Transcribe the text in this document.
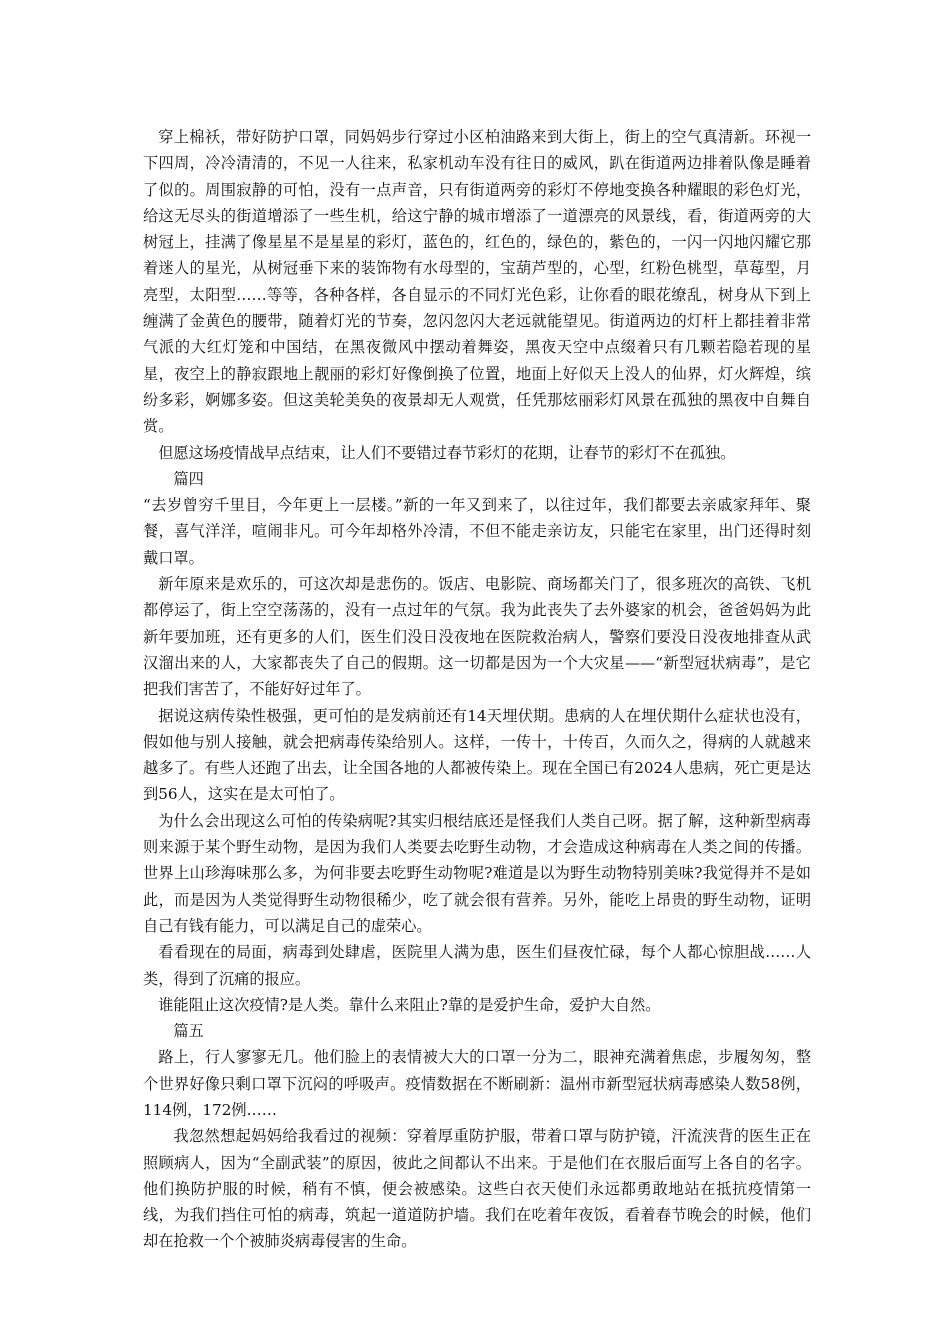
穿上棉袄，带好防护口罩，同妈妈步行穿过小区柏油路来到大街上，街上的空气真清新。环视一下四周，冷冷清清的，不见一人往来，私家机动车没有往日的威风，趴在街道两边排着队像是睡着了似的。周围寂静的可怕，没有一点声音，只有街道两旁的彩灯不停地变换各种耀眼的彩色灯光，给这无尽头的街道增添了一些生机，给这宁静的城市增添了一道漂亮的风景线，看，街道两旁的大树冠上，挂满了像星星不是星星的彩灯，蓝色的，红色的，绿色的，紫色的，一闪一闪地闪耀它那着迷人的星光，从树冠垂下来的装饰物有水母型的，宝葫芦型的，心型，红粉色桃型，草莓型，月亮型，太阳型……等等，各种各样，各自显示的不同灯光色彩，让你看的眼花缭乱，树身从下到上缠满了金黄色的腰带，随着灯光的节奏，忽闪忽闪大老远就能望见。街道两边的灯杆上都挂着非常气派的大红灯笼和中国结，在黑夜微风中摆动着舞姿，黑夜天空中点缀着只有几颗若隐若现的星星，夜空上的静寂跟地上靓丽的彩灯好像倒换了位置，地面上好似天上没人的仙界，灯火辉煌，缤纷多彩，婀娜多姿。但这美轮美奂的夜景却无人观赏，任凭那炫丽彩灯风景在孤独的黑夜中自舞自赏。

但愿这场疫情战早点结束，让人们不要错过春节彩灯的花期，让春节的彩灯不在孤独。

篇四

“去岁曾穷千里目，今年更上一层楼。”新的一年又到来了，以往过年，我们都要去亲戚家拜年、聚餐，喜气洋洋，喧闹非凡。可今年却格外冷清，不但不能走亲访友，只能宅在家里，出门还得时刻戴口罩。

新年原来是欢乐的，可这次却是悲伤的。饭店、电影院、商场都关门了，很多班次的高铁、飞机都停运了，街上空空荡荡的，没有一点过年的气氛。我为此丧失了去外婆家的机会，爸爸妈妈为此新年要加班，还有更多的人们，医生们没日没夜地在医院救治病人，警察们要没日没夜地排查从武汉溜出来的人，大家都丧失了自己的假期。这一切都是因为一个大灾星——“新型冠状病毒”，是它把我们害苦了，不能好好过年了。

据说这病传染性极强，更可怕的是发病前还有14天埋伏期。患病的人在埋伏期什么症状也没有，假如他与别人接触，就会把病毒传染给别人。这样，一传十，十传百，久而久之，得病的人就越来越多了。有些人还跑了出去，让全国各地的人都被传染上。现在全国已有2024人患病，死亡更是达到56人，这实在是太可怕了。

为什么会出现这么可怕的传染病呢?其实归根结底还是怪我们人类自己呀。据了解，这种新型病毒则来源于某个野生动物，是因为我们人类要去吃野生动物，才会造成这种病毒在人类之间的传播。世界上山珍海味那么多，为何非要去吃野生动物呢?难道是以为野生动物特别美味?我觉得并不是如此，而是因为人类觉得野生动物很稀少，吃了就会很有营养。另外，能吃上昂贵的野生动物，证明自己有钱有能力，可以满足自己的虚荣心。

看看现在的局面，病毒到处肆虐，医院里人满为患，医生们昼夜忙碌，每个人都心惊胆战……人类，得到了沉痛的报应。

谁能阻止这次疫情?是人类。靠什么来阻止?靠的是爱护生命，爱护大自然。

篇五

路上，行人寥寥无几。他们脸上的表情被大大的口罩一分为二，眼神充满着焦虑，步履匆匆，整个世界好像只剩口罩下沉闷的呼吸声。疫情数据在不断刷新：温州市新型冠状病毒感染人数58例，114例，172例……

我忽然想起妈妈给我看过的视频：穿着厚重防护服，带着口罩与防护镜，汗流浃背的医生正在照顾病人，因为“全副武装”的原因，彼此之间都认不出来。于是他们在衣服后面写上各自的名字。他们换防护服的时候，稍有不慎，便会被感染。这些白衣天使们永远都勇敢地站在抵抗疫情第一线，为我们挡住可怕的病毒，筑起一道道防护墙。我们在吃着年夜饭，看着春节晚会的时候，他们却在抢救一个个被肺炎病毒侵害的生命。
